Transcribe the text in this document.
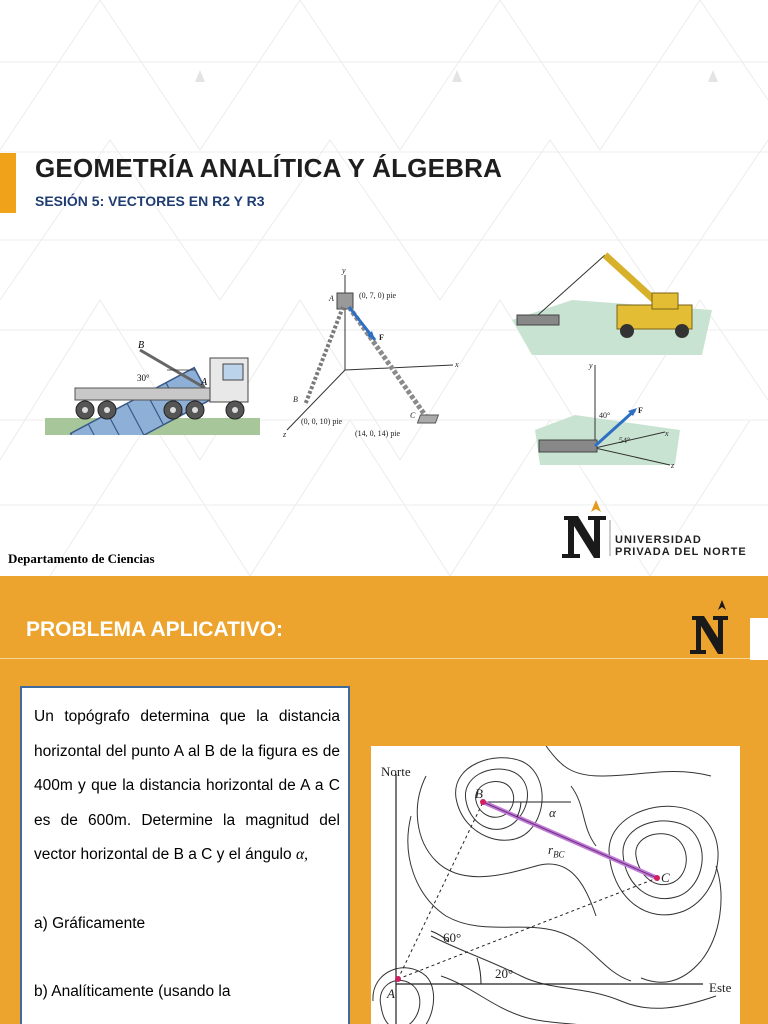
GEOMETRÍA ANALÍTICA Y ÁLGEBRA
SESIÓN 5: VECTORES EN R2 Y R3
B
A
30°
y
x
z
A
B
C
F
(0, 7, 0) pie
(0, 0, 10) pie
(14, 0, 14) pie
y
x
z
F
40°
54°
Departamento de Ciencias
UNIVERSIDAD
PRIVADA DEL NORTE
PROBLEMA APLICATIVO:

Un topógrafo determina que la distancia horizontal del punto A al B de la figura es de 400m y que la distancia horizontal de A a C es de 600m. Determine la magnitud del vector horizontal de B a C y el ángulo α,

a) Gráficamente

b) Analíticamente (usando la

Norte
Este
A
B
C
$r_{BC}$
α
60°
20°
